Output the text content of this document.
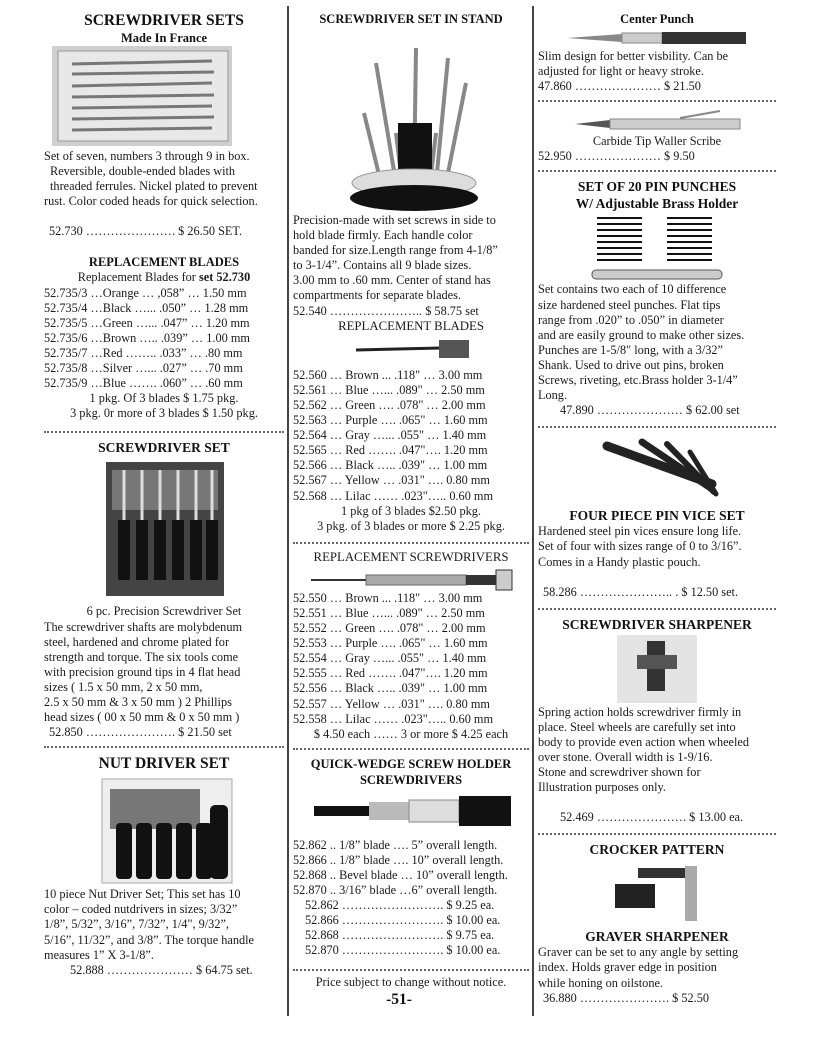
SCREWDRIVER SETS
Made In France
Set of seven, numbers 3 through 9 in box.
Reversible, double-ended blades with
threaded ferrules. Nickel plated to prevent
rust. Color coded heads for quick selection.
52.730 …………………. $ 26.50 SET.
REPLACEMENT BLADES
Replacement Blades for set 52.730
52.735/3 …Orange … ,058” … 1.50 mm
52.735/4 …Black …... .050” … 1.28 mm
52.735/5 …Green …... .047” … 1.20 mm
52.735/6 …Brown ….. .039” … 1.00 mm
52.735/7 …Red …….. .033” … .80 mm
52.735/8 …Silver …... .027” … .70 mm
52.735/9 …Blue ……. .060” … .60 mm
1 pkg. Of 3 blades $ 1.75 pkg.
3 pkg. 0r more of 3 blades $ 1.50 pkg.
SCREWDRIVER SET
6 pc. Precision Screwdriver Set
The screwdriver shafts are molybdenum
steel, hardened and chrome plated for
strength and torque. The six tools come
with precision ground tips in 4 flat head
sizes ( 1.5 x 50 mm, 2 x 50 mm,
2.5 x 50 mm & 3 x 50 mm ) 2 Phillips
head sizes ( 00 x 50 mm & 0 x 50 mm )
52.850 …………………. $ 21.50 set
NUT DRIVER SET
10 piece Nut Driver Set; This set has 10
color – coded nutdrivers in sizes; 3/32”
1/8”, 5/32”, 3/16”, 7/32”, 1/4", 9/32”,
5/16”, 11/32”, and 3/8”. The torque handle
measures 1” X 3-1/8”.
52.888 ………………… $ 64.75 set.
SCREWDRIVER SET IN STAND
Precision-made with set screws in side to
hold blade firmly. Each handle color
banded for size.Length range from 4-1/8”
to 3-1/4”. Contains all 9 blade sizes.
3.00 mm to .60 mm. Center of stand has
compartments for separate blades.
52.540 ………………….. $ 58.75 set
REPLACEMENT BLADES
52.560 … Brown ... .118" … 3.00 mm
52.561 … Blue …... .089" … 2.50 mm
52.562 … Green …. .078" … 2.00 mm
52.563 … Purple …. .065" … 1.60 mm
52.564 … Gray …... .055" … 1.40 mm
52.565 … Red ……. .047"…. 1.20 mm
52.566 … Black ….. .039" … 1.00 mm
52.567 … Yellow … .031" …. 0.80 mm
52.568 … Lilac …… .023"….. 0.60 mm
1 pkg of 3 blades $2.50 pkg.
3 pkg. of 3 blades or more $ 2.25 pkg.
REPLACEMENT SCREWDRIVERS
52.550 … Brown ... .118" … 3.00 mm
52.551 … Blue …... .089" … 2.50 mm
52.552 … Green …. .078" … 2.00 mm
52.553 … Purple …. .065" … 1.60 mm
52.554 … Gray …... .055" … 1.40 mm
52.555 … Red ……. .047"…. 1.20 mm
52.556 … Black ….. .039" … 1.00 mm
52.557 … Yellow … .031" …. 0.80 mm
52.558 … Lilac …… .023"….. 0.60 mm
$ 4.50 each …… 3 or more $ 4.25 each
QUICK-WEDGE SCREW HOLDER
SCREWDRIVERS
52.862 .. 1/8” blade …. 5” overall length.
52.866 .. 1/8” blade …. 10” overall length.
52.868 .. Bevel blade … 10” overall length.
52.870 .. 3/16” blade …6” overall length.
52.862 ……………………. $ 9.25 ea.
52.866 ……………………. $ 10.00 ea.
52.868 ……………………. $ 9.75 ea.
52.870 ……………………. $ 10.00 ea.
Price subject to change without notice.
-51-
Center Punch
Slim design for better visbility. Can be
adjusted for light or heavy stroke.
47.860 ………………… $ 21.50
Carbide Tip Waller Scribe
52.950 ………………… $ 9.50
SET OF 20 PIN PUNCHES
W/ Adjustable Brass Holder
Set contains two each of 10 difference
size hardened steel punches. Flat tips
range from .020” to .050” in diameter
and are easily ground to make other sizes.
Punches are 1-5/8" long, with a 3/32”
Shank. Used to drive out pins, broken
Screws, riveting, etc.Brass holder 3-1/4”
Long.
47.890 ………………… $ 62.00 set
FOUR PIECE PIN VICE SET
Hardened steel pin vices ensure long life.
Set of four with sizes range of 0 to 3/16”.
Comes in a Handy plastic pouch.
58.286 ………………….. . $ 12.50 set.
SCREWDRIVER SHARPENER
Spring action holds screwdriver firmly in
place. Steel wheels are carefully set into
body to provide even action when wheeled
over stone. Overall width is 1-9/16.
Stone and screwdriver shown for
Illustration purposes only.
52.469 …………………. $ 13.00 ea.
CROCKER PATTERN
GRAVER SHARPENER
Graver can be set to any angle by setting
index. Holds graver edge in position
while honing on oilstone.
36.880 …………………. $ 52.50
